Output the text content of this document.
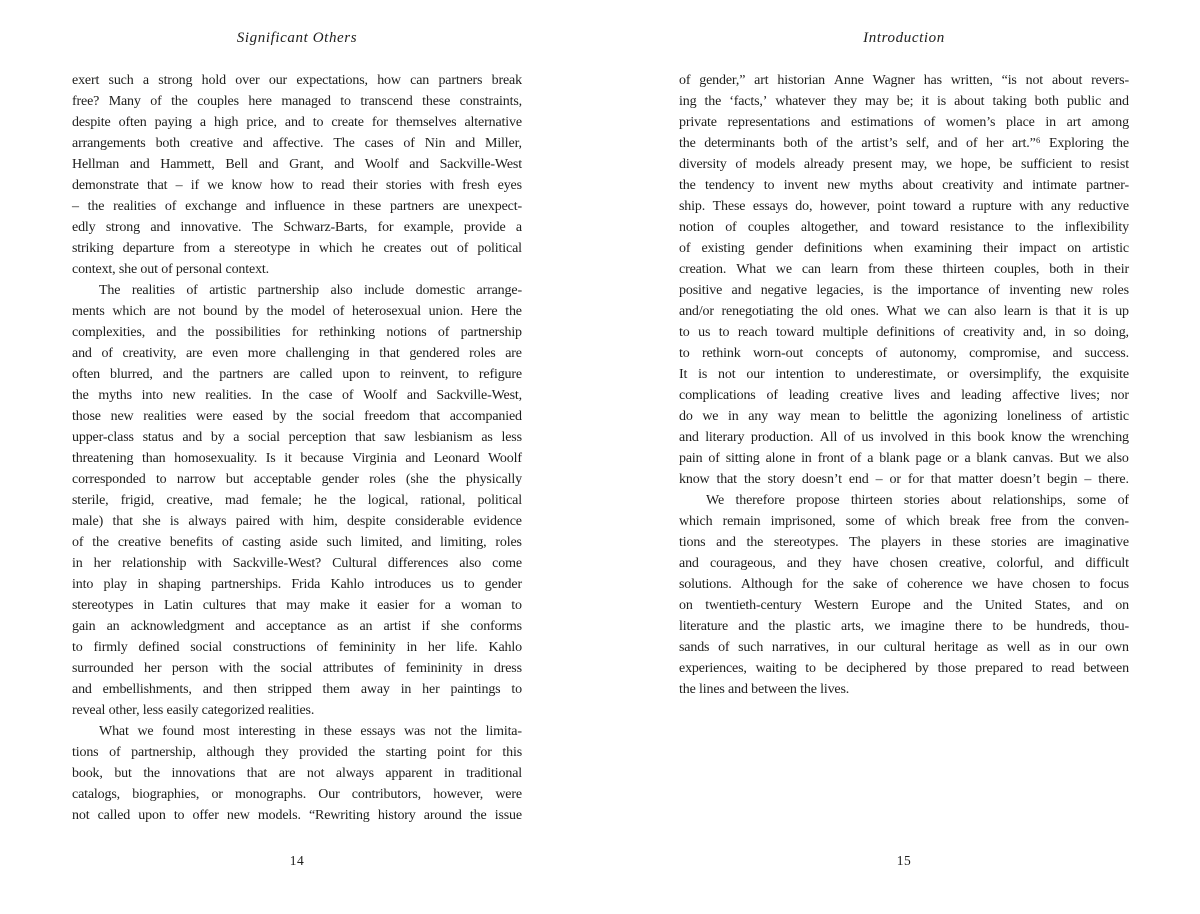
Significant Others
exert such a strong hold over our expectations, how can partners break
free? Many of the couples here managed to transcend these constraints,
despite often paying a high price, and to create for themselves alternative
arrangements both creative and affective. The cases of Nin and Miller,
Hellman and Hammett, Bell and Grant, and Woolf and Sackville-West
demonstrate that – if we know how to read their stories with fresh eyes
– the realities of exchange and influence in these partners are unexpect-
edly strong and innovative. The Schwarz-Barts, for example, provide a
striking departure from a stereotype in which he creates out of political
context, she out of personal context.
The realities of artistic partnership also include domestic arrange-
ments which are not bound by the model of heterosexual union. Here the
complexities, and the possibilities for rethinking notions of partnership
and of creativity, are even more challenging in that gendered roles are
often blurred, and the partners are called upon to reinvent, to refigure
the myths into new realities. In the case of Woolf and Sackville-West,
those new realities were eased by the social freedom that accompanied
upper-class status and by a social perception that saw lesbianism as less
threatening than homosexuality. Is it because Virginia and Leonard Woolf
corresponded to narrow but acceptable gender roles (she the physically
sterile, frigid, creative, mad female; he the logical, rational, political
male) that she is always paired with him, despite considerable evidence
of the creative benefits of casting aside such limited, and limiting, roles
in her relationship with Sackville-West? Cultural differences also come
into play in shaping partnerships. Frida Kahlo introduces us to gender
stereotypes in Latin cultures that may make it easier for a woman to
gain an acknowledgment and acceptance as an artist if she conforms
to firmly defined social constructions of femininity in her life. Kahlo
surrounded her person with the social attributes of femininity in dress
and embellishments, and then stripped them away in her paintings to
reveal other, less easily categorized realities.
What we found most interesting in these essays was not the limita-
tions of partnership, although they provided the starting point for this
book, but the innovations that are not always apparent in traditional
catalogs, biographies, or monographs. Our contributors, however, were
not called upon to offer new models. “Rewriting history around the issue
14
Introduction
of gender,” art historian Anne Wagner has written, “is not about revers-
ing the ‘facts,’ whatever they may be; it is about taking both public and
private representations and estimations of women’s place in art among
the determinants both of the artist’s self, and of her art.”⁶ Exploring the
diversity of models already present may, we hope, be sufficient to resist
the tendency to invent new myths about creativity and intimate partner-
ship. These essays do, however, point toward a rupture with any reductive
notion of couples altogether, and toward resistance to the inflexibility
of existing gender definitions when examining their impact on artistic
creation. What we can learn from these thirteen couples, both in their
positive and negative legacies, is the importance of inventing new roles
and/or renegotiating the old ones. What we can also learn is that it is up
to us to reach toward multiple definitions of creativity and, in so doing,
to rethink worn-out concepts of autonomy, compromise, and success.
It is not our intention to underestimate, or oversimplify, the exquisite
complications of leading creative lives and leading affective lives; nor
do we in any way mean to belittle the agonizing loneliness of artistic
and literary production. All of us involved in this book know the wrenching
pain of sitting alone in front of a blank page or a blank canvas. But we also
know that the story doesn’t end – or for that matter doesn’t begin – there.
We therefore propose thirteen stories about relationships, some of
which remain imprisoned, some of which break free from the conven-
tions and the stereotypes. The players in these stories are imaginative
and courageous, and they have chosen creative, colorful, and difficult
solutions. Although for the sake of coherence we have chosen to focus
on twentieth-century Western Europe and the United States, and on
literature and the plastic arts, we imagine there to be hundreds, thou-
sands of such narratives, in our cultural heritage as well as in our own
experiences, waiting to be deciphered by those prepared to read between
the lines and between the lives.
15
